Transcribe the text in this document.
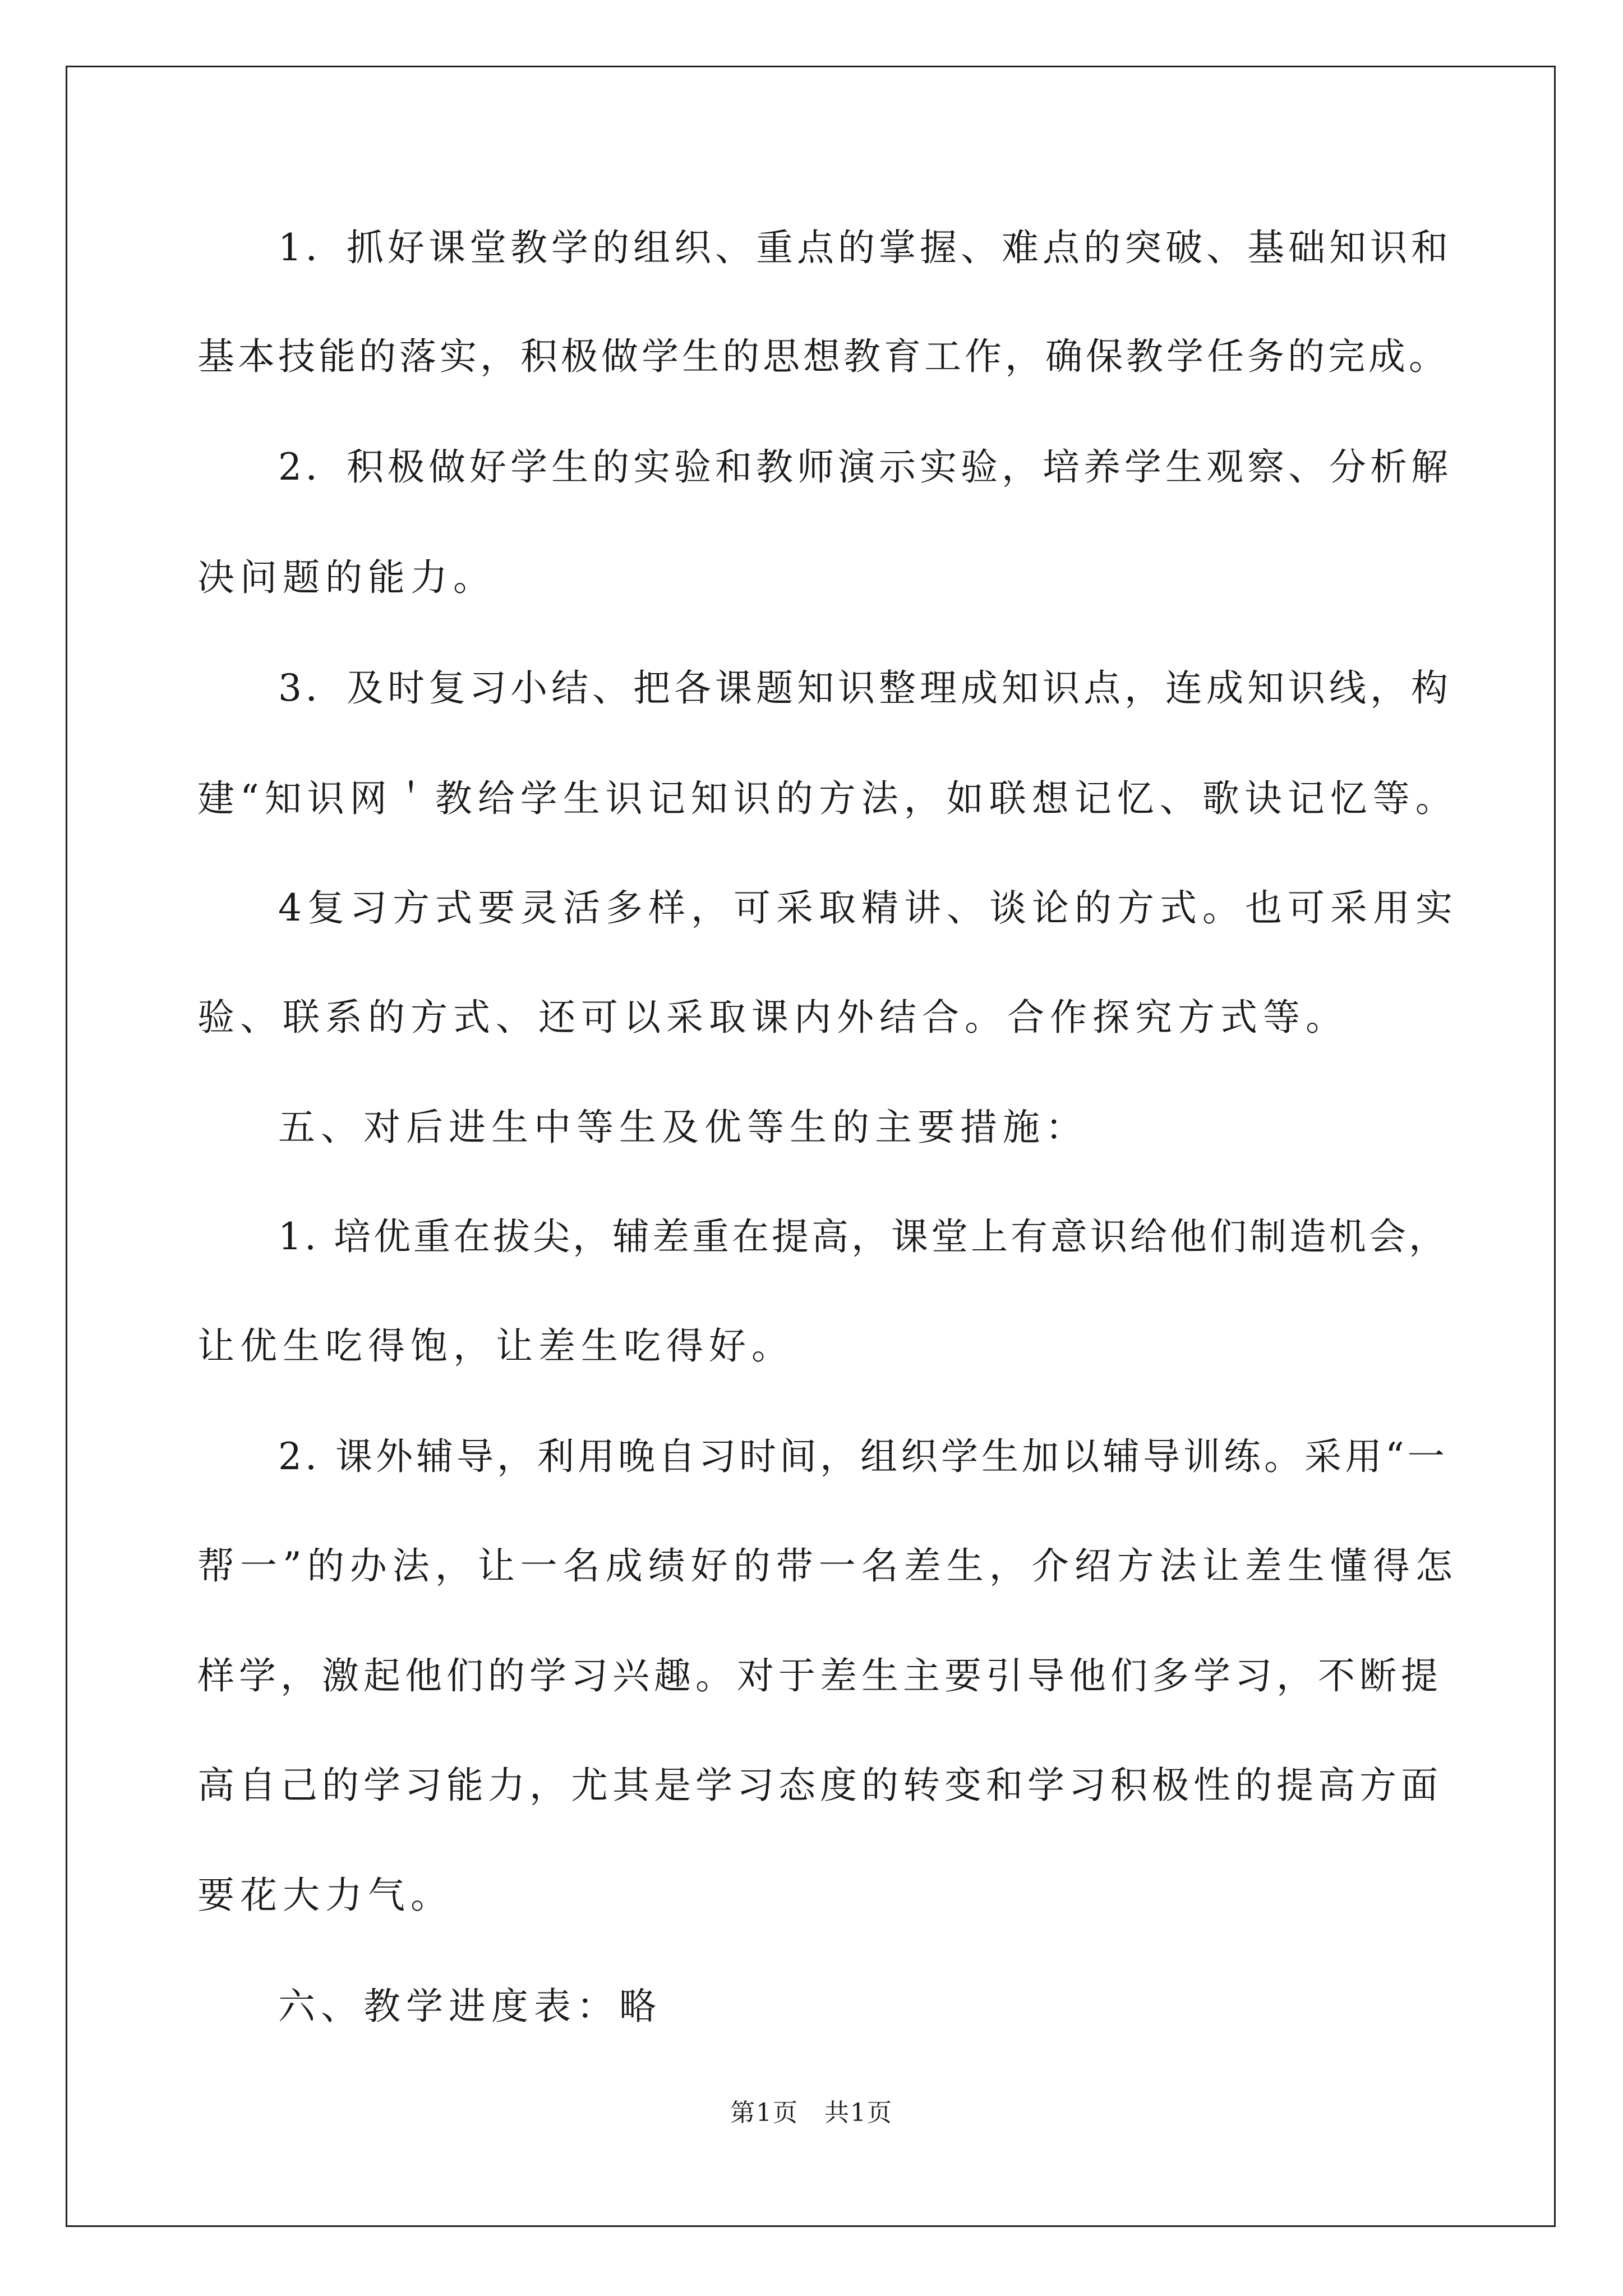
1．抓好课堂教学的组织、重点的掌握、难点的突破、基础知识和
基本技能的落实，积极做学生的思想教育工作，确保教学任务的完成。
2．积极做好学生的实验和教师演示实验，培养学生观察、分析解
决问题的能力。
3．及时复习小结、把各课题知识整理成知识点，连成知识线，构
建“知识网＇教给学生识记知识的方法，如联想记忆、歌诀记忆等。
4复习方式要灵活多样，可采取精讲、谈论的方式。也可采用实
验、联系的方式、还可以采取课内外结合。合作探究方式等。
五、对后进生中等生及优等生的主要措施：
1. 培优重在拔尖，辅差重在提高，课堂上有意识给他们制造机会，
让优生吃得饱，让差生吃得好。
2. 课外辅导，利用晚自习时间，组织学生加以辅导训练。采用“一
帮一”的办法，让一名成绩好的带一名差生，介绍方法让差生懂得怎
样学，激起他们的学习兴趣。对于差生主要引导他们多学习，不断提
高自己的学习能力，尤其是学习态度的转变和学习积极性的提高方面
要花大力气。
六、教学进度表：略
第1页　共1页
